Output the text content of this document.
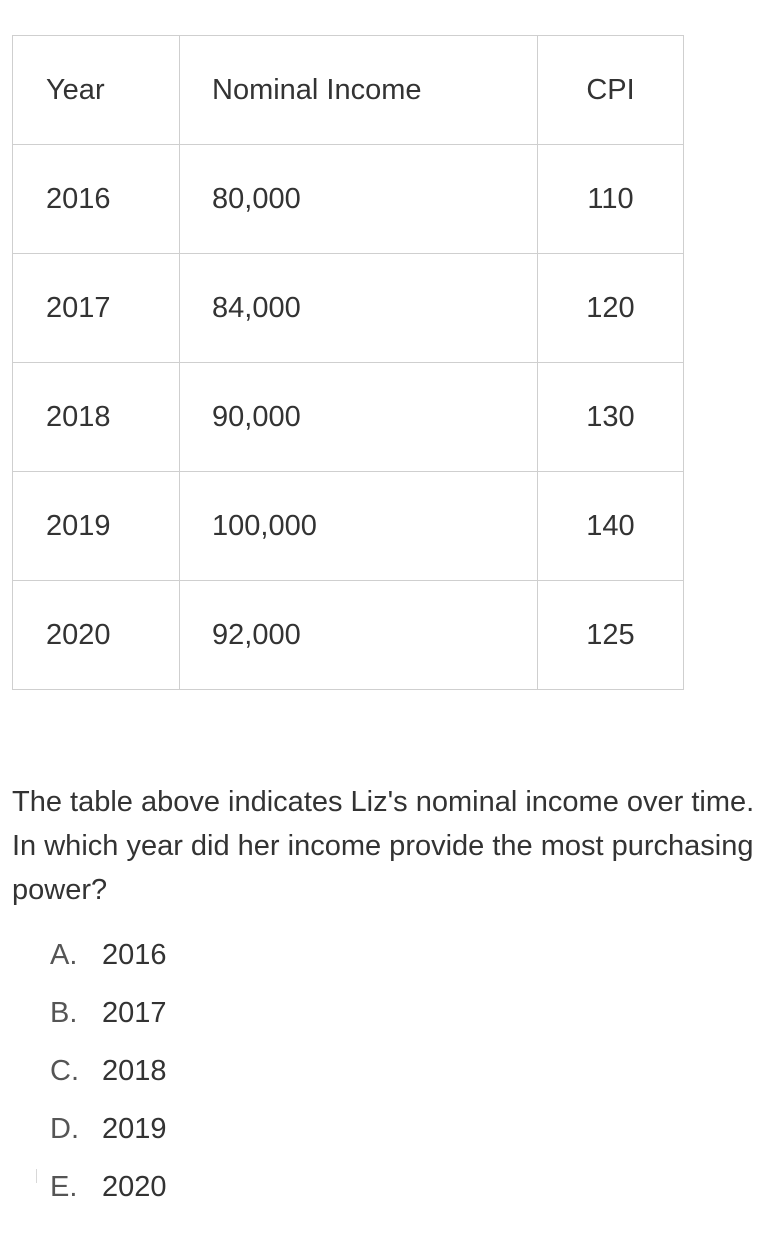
Year	Nominal Income	CPI
2016	80,000	110
2017	84,000	120
2018	90,000	130
2019	100,000	140
2020	92,000	125
The table above indicates Liz's nominal income over time. In which year did her income provide the most purchasing power?
A. 2016
B. 2017
C. 2018
D. 2019
E. 2020
